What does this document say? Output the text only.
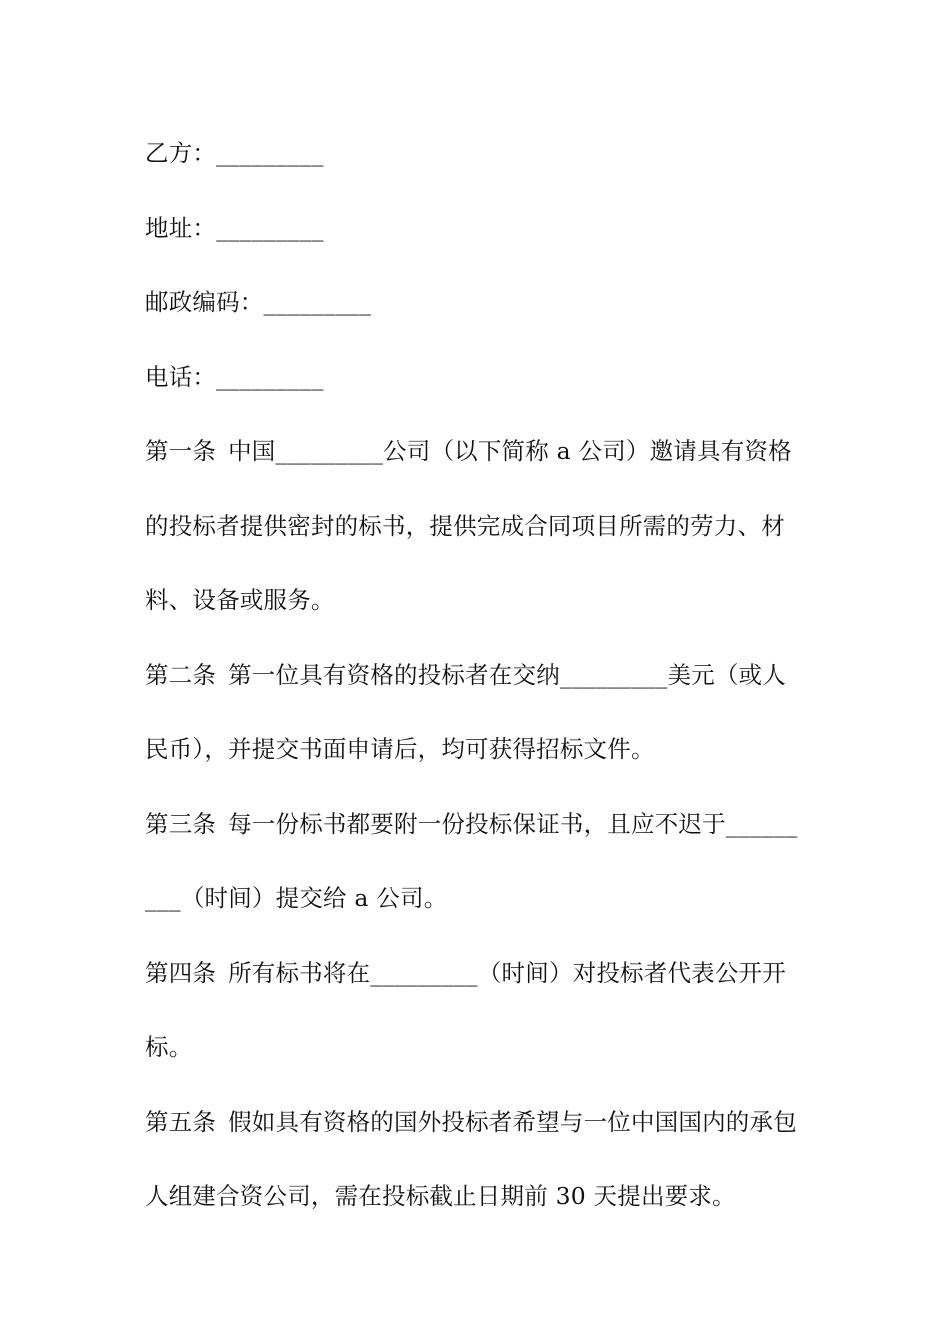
乙方：_________
地址：_________
邮政编码：_________
电话：_________
第一条 中国_________公司（以下简称 a 公司）邀请具有资格
的投标者提供密封的标书，提供完成合同项目所需的劳力、材
料、设备或服务。
第二条 第一位具有资格的投标者在交纳_________美元（或人
民币），并提交书面申请后，均可获得招标文件。
第三条 每一份标书都要附一份投标保证书，且应不迟于______
___（时间）提交给 a 公司。
第四条 所有标书将在_________（时间）对投标者代表公开开
标。
第五条 假如具有资格的国外投标者希望与一位中国国内的承包
人组建合资公司，需在投标截止日期前 30 天提出要求。
